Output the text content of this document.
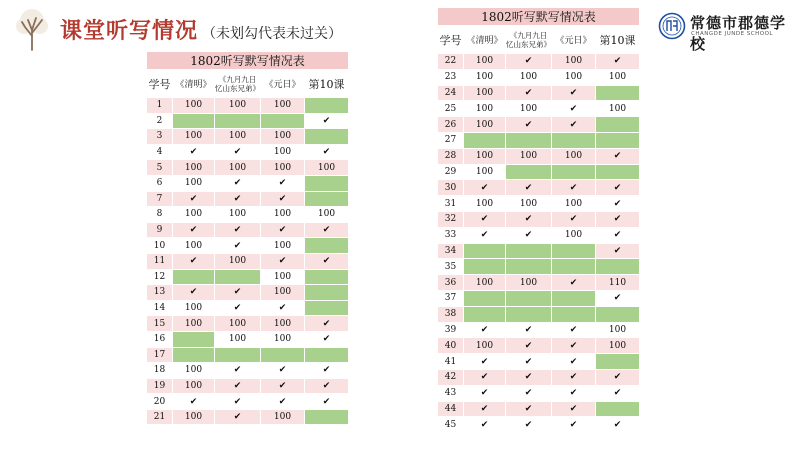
课堂听写情况 （未划勾代表未过关）
常德市郡德学校
CHANGDE JUNDE SCHOOL
1802听写默写情况表				
学号	《清明》	《九月九日
忆山东兄弟》	《元日》	第10课
1	100	100	100	
2				✔
3	100	100	100	
4	✔	✔	100	✔
5	100	100	100	100
6	100	✔	✔	
7	✔	✔	✔	
8	100	100	100	100
9	✔	✔	✔	✔
10	100	✔	100	
11	✔	100	✔	✔
12			100	
13	✔	✔	100	
14	100	✔	✔	
15	100	100	100	✔
16		100	100	✔
17				
18	100	✔	✔	✔
19	100	✔	✔	✔
20	✔	✔	✔	✔
21	100	✔	100	
1802听写默写情况表				
学号	《清明》	《九月九日
忆山东兄弟》	《元日》	第10课
22	100	✔	100	✔
23	100	100	100	100
24	100	✔	✔	
25	100	100	✔	100
26	100	✔	✔	
27				
28	100	100	100	✔
29	100			
30	✔	✔	✔	✔
31	100	100	100	✔
32	✔	✔	✔	✔
33	✔	✔	100	✔
34				✔
35				
36	100	100	✔	110
37				✔
38				
39	✔	✔	✔	100
40	100	✔	✔	100
41	✔	✔	✔	
42	✔	✔	✔	✔
43	✔	✔	✔	✔
44	✔	✔	✔	
45	✔	✔	✔	✔
